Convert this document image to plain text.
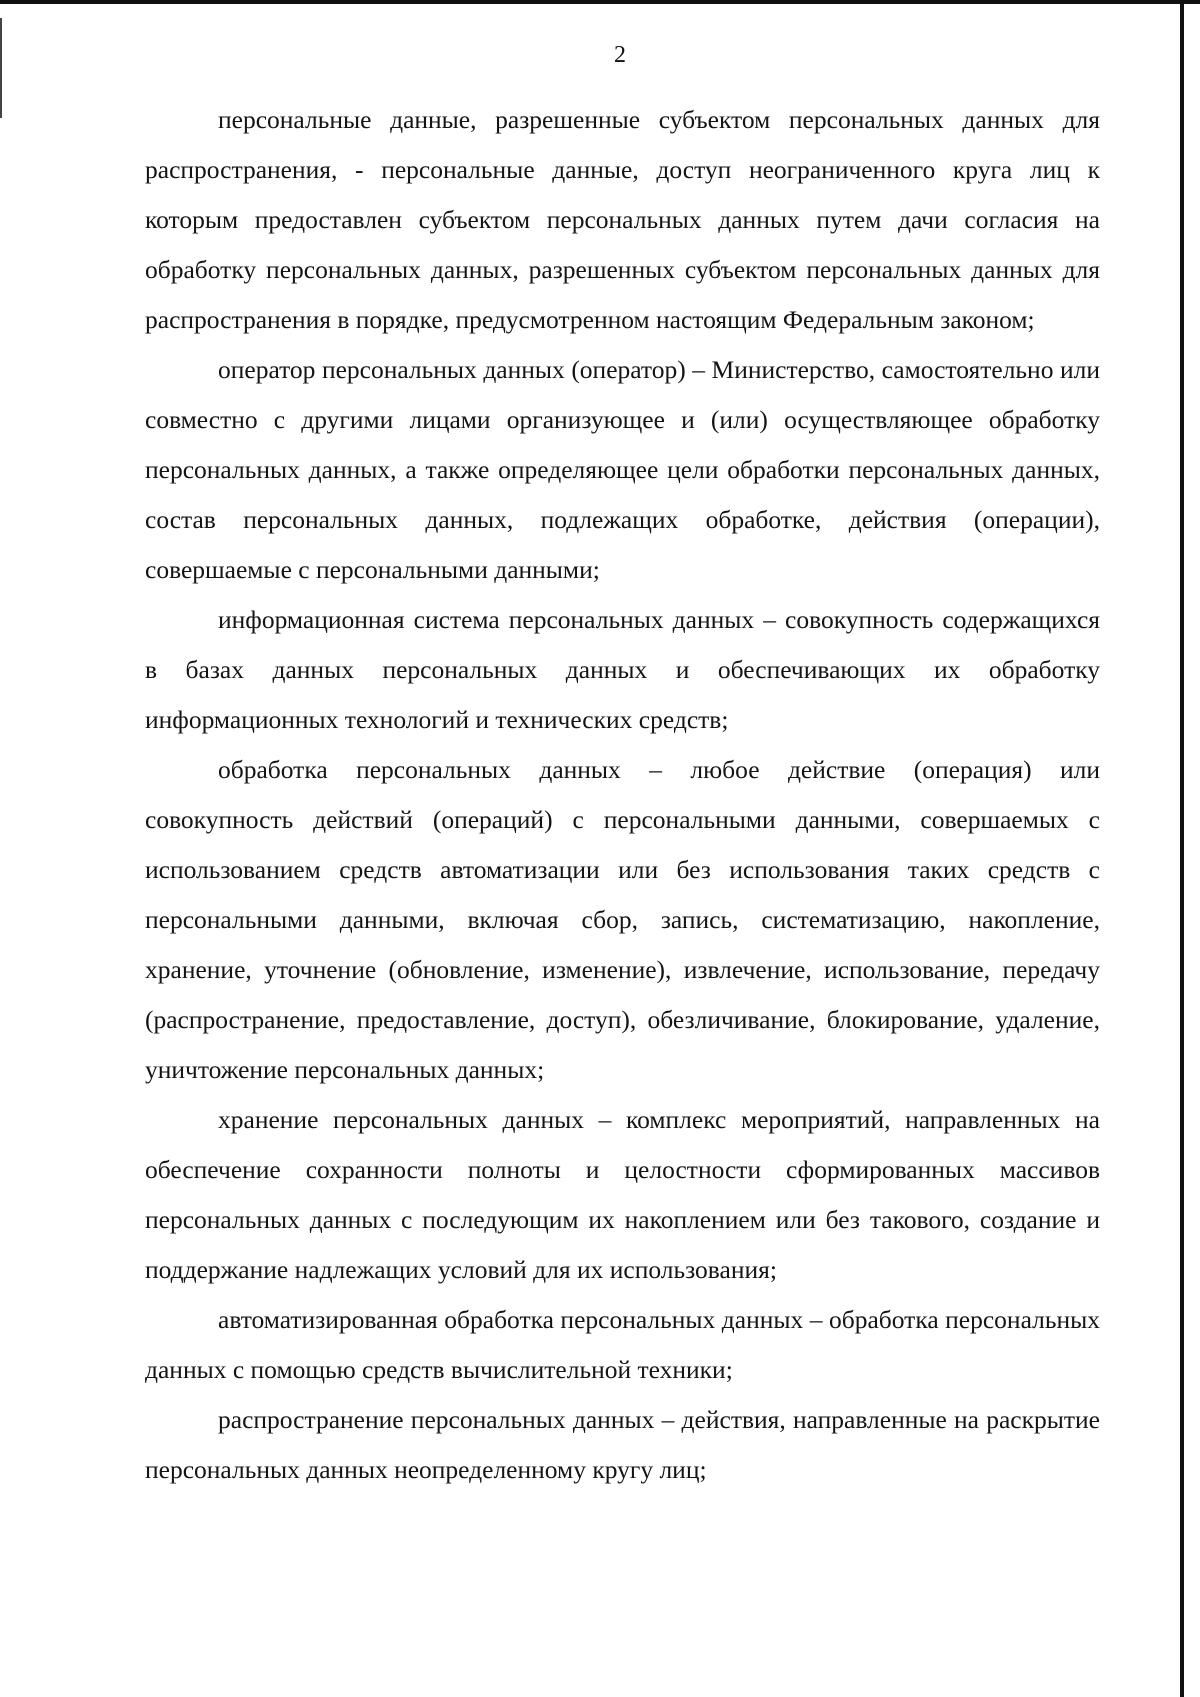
2

персональные данные, разрешенные субъектом персональных данных для распространения, - персональные данные, доступ неограниченного круга лиц к которым предоставлен субъектом персональных данных путем дачи согласия на обработку персональных данных, разрешенных субъектом персональных данных для распространения в порядке, предусмотренном настоящим Федеральным законом;

оператор персональных данных (оператор) – Министерство, самостоятельно или совместно с другими лицами организующее и (или) осуществляющее обработку персональных данных, а также определяющее цели обработки персональных данных, состав персональных данных, подлежащих обработке, действия (операции), совершаемые с персональными данными;

информационная система персональных данных – совокупность содержащихся в базах данных персональных данных и обеспечивающих их обработку информационных технологий и технических средств;

обработка персональных данных – любое действие (операция) или совокупность действий (операций) с персональными данными, совершаемых с использованием средств автоматизации или без использования таких средств с персональными данными, включая сбор, запись, систематизацию, накопление, хранение, уточнение (обновление, изменение), извлечение, использование, передачу (распространение, предоставление, доступ), обезличивание, блокирование, удаление, уничтожение персональных данных;

хранение персональных данных – комплекс мероприятий, направленных на обеспечение сохранности полноты и целостности сформированных массивов персональных данных с последующим их накоплением или без такового, создание и поддержание надлежащих условий для их использования;

автоматизированная обработка персональных данных – обработка персональных данных с помощью средств вычислительной техники;

распространение персональных данных – действия, направленные на раскрытие персональных данных неопределенному кругу лиц;
